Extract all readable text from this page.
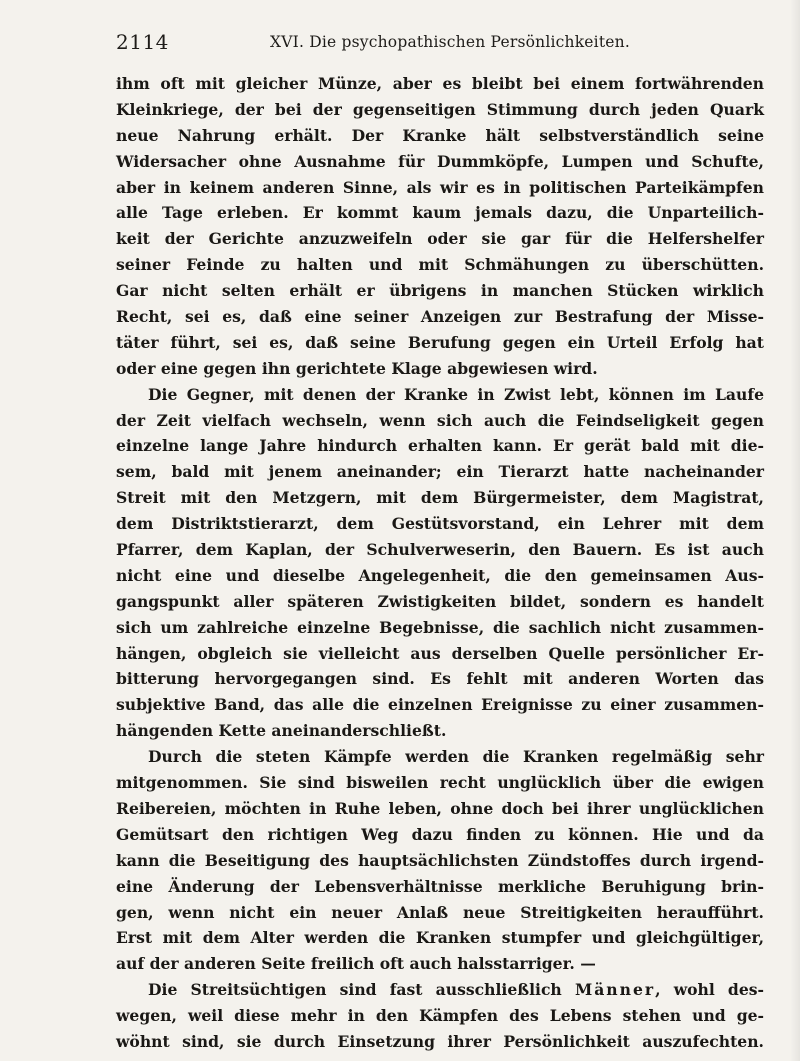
2114	XVI. Die psychopathischen Persönlichkeiten.
ihm oft mit gleicher Münze, aber es bleibt bei einem fortwährenden
Kleinkriege, der bei der gegenseitigen Stimmung durch jeden Quark
neue Nahrung erhält. Der Kranke hält selbstverständlich seine
Widersacher ohne Ausnahme für Dummköpfe, Lumpen und Schufte,
aber in keinem anderen Sinne, als wir es in politischen Parteikämpfen
alle Tage erleben. Er kommt kaum jemals dazu, die Unparteilich-
keit der Gerichte anzuzweifeln oder sie gar für die Helfershelfer
seiner Feinde zu halten und mit Schmähungen zu überschütten.
Gar nicht selten erhält er übrigens in manchen Stücken wirklich
Recht, sei es, daß eine seiner Anzeigen zur Bestrafung der Misse-
täter führt, sei es, daß seine Berufung gegen ein Urteil Erfolg hat
oder eine gegen ihn gerichtete Klage abgewiesen wird.
Die Gegner, mit denen der Kranke in Zwist lebt, können im Laufe
der Zeit vielfach wechseln, wenn sich auch die Feindseligkeit gegen
einzelne lange Jahre hindurch erhalten kann. Er gerät bald mit die-
sem, bald mit jenem aneinander; ein Tierarzt hatte nacheinander
Streit mit den Metzgern, mit dem Bürgermeister, dem Magistrat,
dem Distriktstierarzt, dem Gestütsvorstand, ein Lehrer mit dem
Pfarrer, dem Kaplan, der Schulverweserin, den Bauern. Es ist auch
nicht eine und dieselbe Angelegenheit, die den gemeinsamen Aus-
gangspunkt aller späteren Zwistigkeiten bildet, sondern es handelt
sich um zahlreiche einzelne Begebnisse, die sachlich nicht zusammen-
hängen, obgleich sie vielleicht aus derselben Quelle persönlicher Er-
bitterung hervorgegangen sind. Es fehlt mit anderen Worten das
subjektive Band, das alle die einzelnen Ereignisse zu einer zusammen-
hängenden Kette aneinanderschließt.
Durch die steten Kämpfe werden die Kranken regelmäßig sehr
mitgenommen. Sie sind bisweilen recht unglücklich über die ewigen
Reibereien, möchten in Ruhe leben, ohne doch bei ihrer unglücklichen
Gemütsart den richtigen Weg dazu finden zu können. Hie und da
kann die Beseitigung des hauptsächlichsten Zündstoffes durch irgend-
eine Änderung der Lebensverhältnisse merkliche Beruhigung brin-
gen, wenn nicht ein neuer Anlaß neue Streitigkeiten heraufführt.
Erst mit dem Alter werden die Kranken stumpfer und gleichgültiger,
auf der anderen Seite freilich oft auch halsstarriger. —
Die Streitsüchtigen sind fast ausschließlich Männer, wohl des-
wegen, weil diese mehr in den Kämpfen des Lebens stehen und ge-
wöhnt sind, sie durch Einsetzung ihrer Persönlichkeit auszufechten.
